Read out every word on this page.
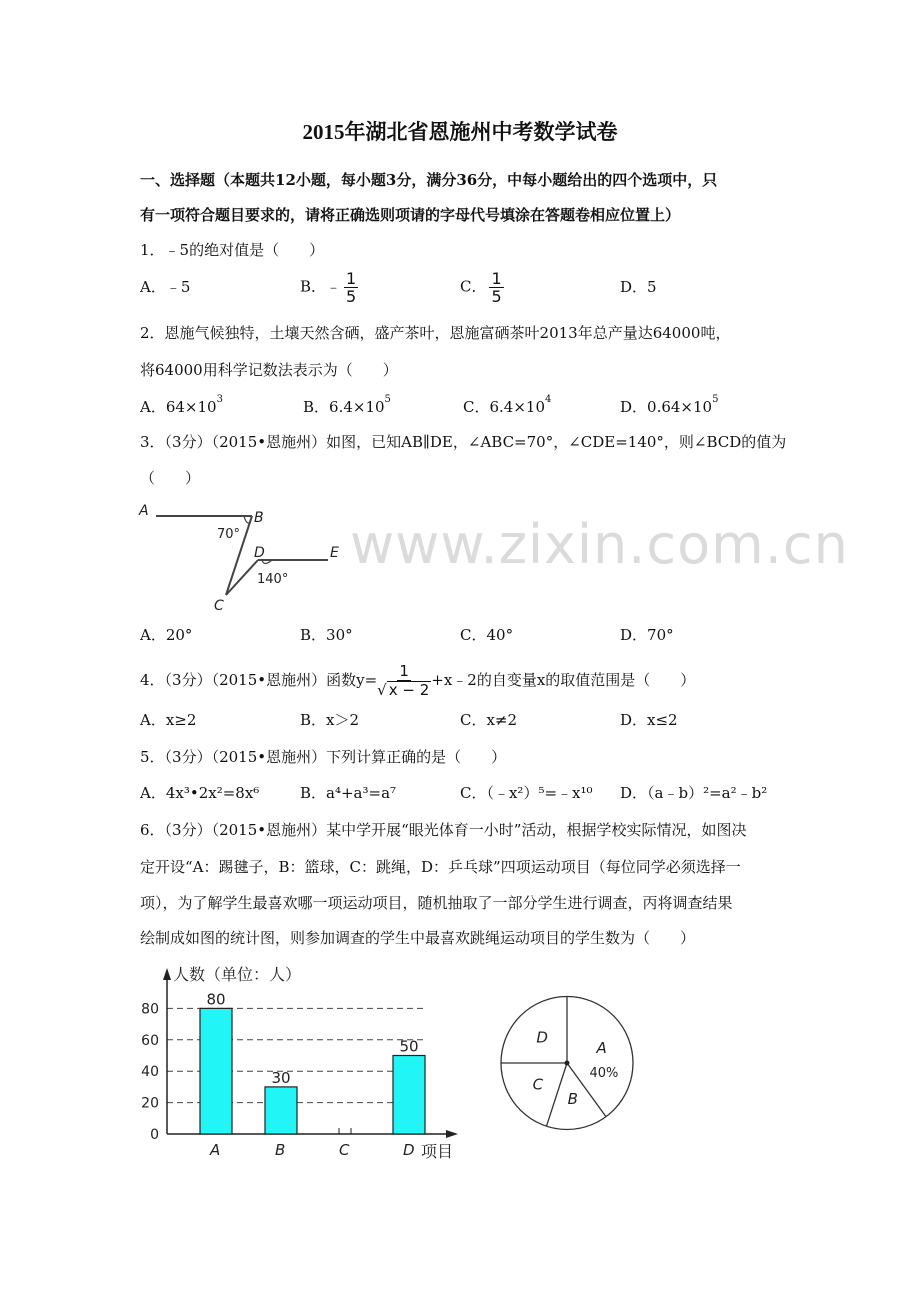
2015年湖北省恩施州中考数学试卷
一、选择题（本题共12小题，每小题3分，满分36分，中每小题给出的四个选项中，只
有一项符合题目要求的，请将正确选则项请的字母代号填涂在答题卷相应位置上）
1．﹣5的绝对值是（　　）
A．﹣5	B．﹣ $\frac{1}{5}$	C． $\frac{1}{5}$	D．5
2．恩施气候独特，土壤天然含硒，盛产茶叶，恩施富硒茶叶2013年总产量达64000吨，
将64000用科学记数法表示为（　　）
A．$64\times 10^3$	B．$6.4\times 10^5$	C．$6.4\times 10^4$	D．$0.64\times 10^5$
3．（3分）（2015•恩施州）如图，已知AB∥DE，∠ABC=70°，∠CDE=140°，则∠BCD的值为
（　　）
A	B
C
D	E
70°
140°
www.zixin.com.cn
A．20°	B．30°	C．40°	D．70°
4．（3分）（2015•恩施州）函数$y= \frac{1}{√ x - 2}$ +x﹣2的自变量x的取值范围是（　　）
A．x≥2	B．x＞2	C．x≠2	D．x≤2
5．（3分）（2015•恩施州）下列计算正确的是（　　）
A．4x³•2x²=8x⁶	B．a⁴+a³=a⁷	C．（﹣x²）⁵=﹣x¹⁰ D．（a﹣b）²=a²﹣b²
6．（3分）（2015•恩施州）某中学开展“眼光体育一小时”活动，根据学校实际情况，如图决
定开设“A：踢毽子，B：篮球，C：跳绳，D：乒乓球”四项运动项目（每位同学必须选择一
项），为了解学生最喜欢哪一项运动项目，随机抽取了一部分学生进行调查，丙将调查结果
绘制成如图的统计图，则参加调查的学生中最喜欢跳绳运动项目的学生数为（　　）
0
20
40
60
80
人数（单位：人）
项目
80
A
30
B	C
50
D
A
B
C
D
40%
